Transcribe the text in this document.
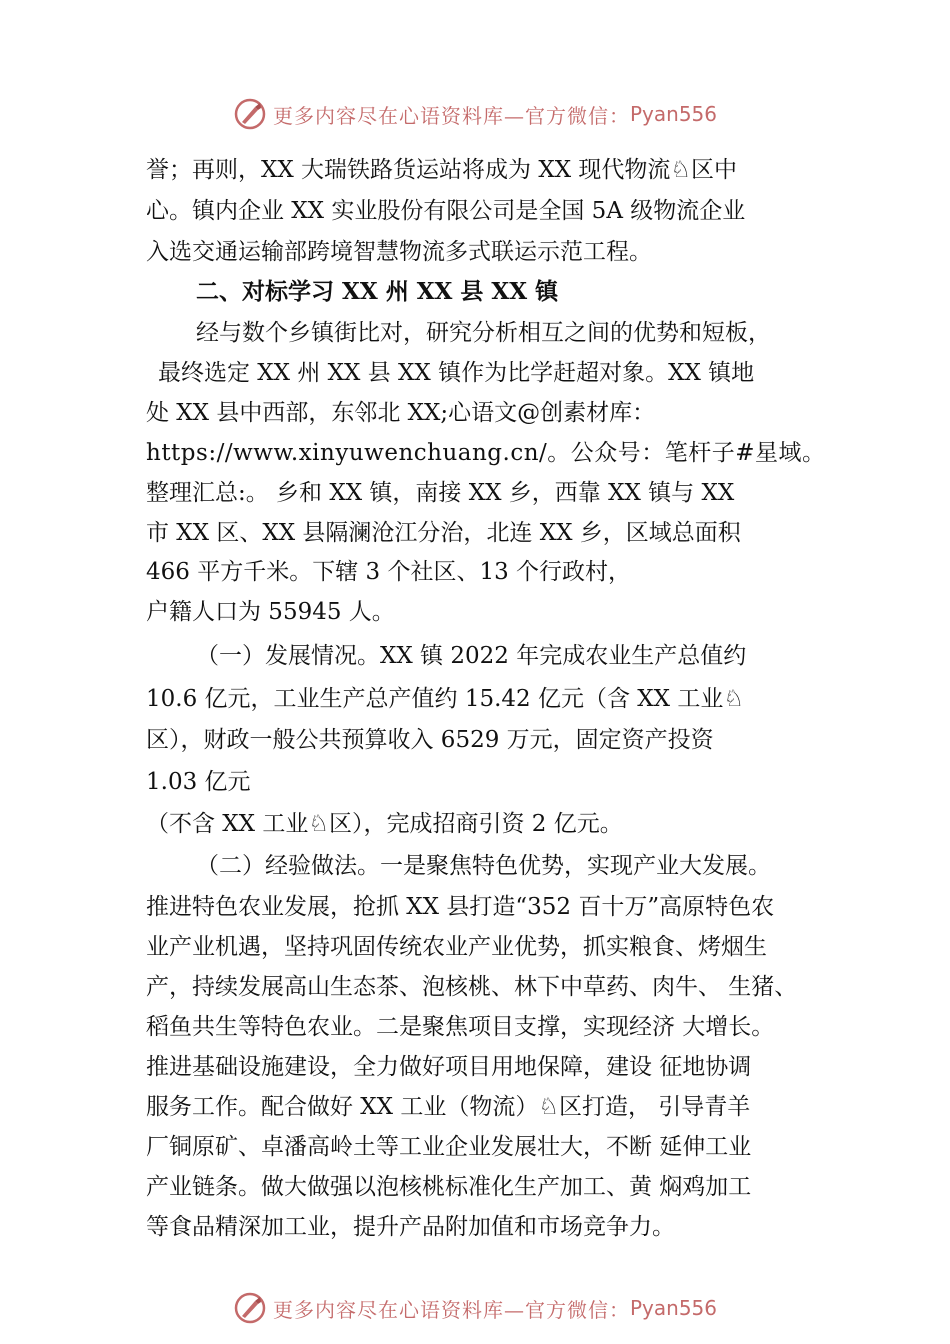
更多内容尽在心语资料库—官方微信： Pyan556
誉；再则，XX 大瑞铁路货运站将成为 XX 现代物流♘区中
心。镇内企业 XX 实业股份有限公司是全国 5A 级物流企业
入选交通运输部跨境智慧物流多式联运示范工程。
二、对标学习 XX 州 XX 县 XX 镇
经与数个乡镇街比对，研究分析相互之间的优势和短板，
最终选定 XX 州 XX 县 XX 镇作为比学赶超对象。XX 镇地
处 XX 县中西部，东邻北 XX;心语文@创素材库：
https://www.xinyuwenchuang.cn/。公众号：笔杆子#星域。
整理汇总:。 乡和 XX 镇，南接 XX 乡，西靠 XX 镇与 XX
市 XX 区、XX 县隔澜沧江分治，北连 XX 乡，区域总面积
466 平方千米。下辖 3 个社区、13 个行政村，
户籍人口为 55945 人。
（一）发展情况。XX 镇 2022 年完成农业生产总值约
10.6 亿元，工业生产总产值约 15.42 亿元（含 XX 工业♘
区），财政一般公共预算收入 6529 万元，固定资产投资
1.03 亿元
（不含 XX 工业♘区），完成招商引资 2 亿元。
（二）经验做法。一是聚焦特色优势，实现产业大发展。
推进特色农业发展，抢抓 XX 县打造“352 百十万”高原特色农
业产业机遇，坚持巩固传统农业产业优势，抓实粮食、烤烟生
产，持续发展高山生态茶、泡核桃、林下中草药、肉牛、 生猪、
稻鱼共生等特色农业。二是聚焦项目支撑，实现经济 大增长。
推进基础设施建设，全力做好项目用地保障，建设 征地协调
服务工作。配合做好 XX 工业（物流）♘区打造， 引导青羊
厂铜原矿、卓潘高岭土等工业企业发展壮大，不断 延伸工业
产业链条。做大做强以泡核桃标准化生产加工、黄 焖鸡加工
等食品精深加工业，提升产品附加值和市场竞争力。
更多内容尽在心语资料库—官方微信： Pyan556
